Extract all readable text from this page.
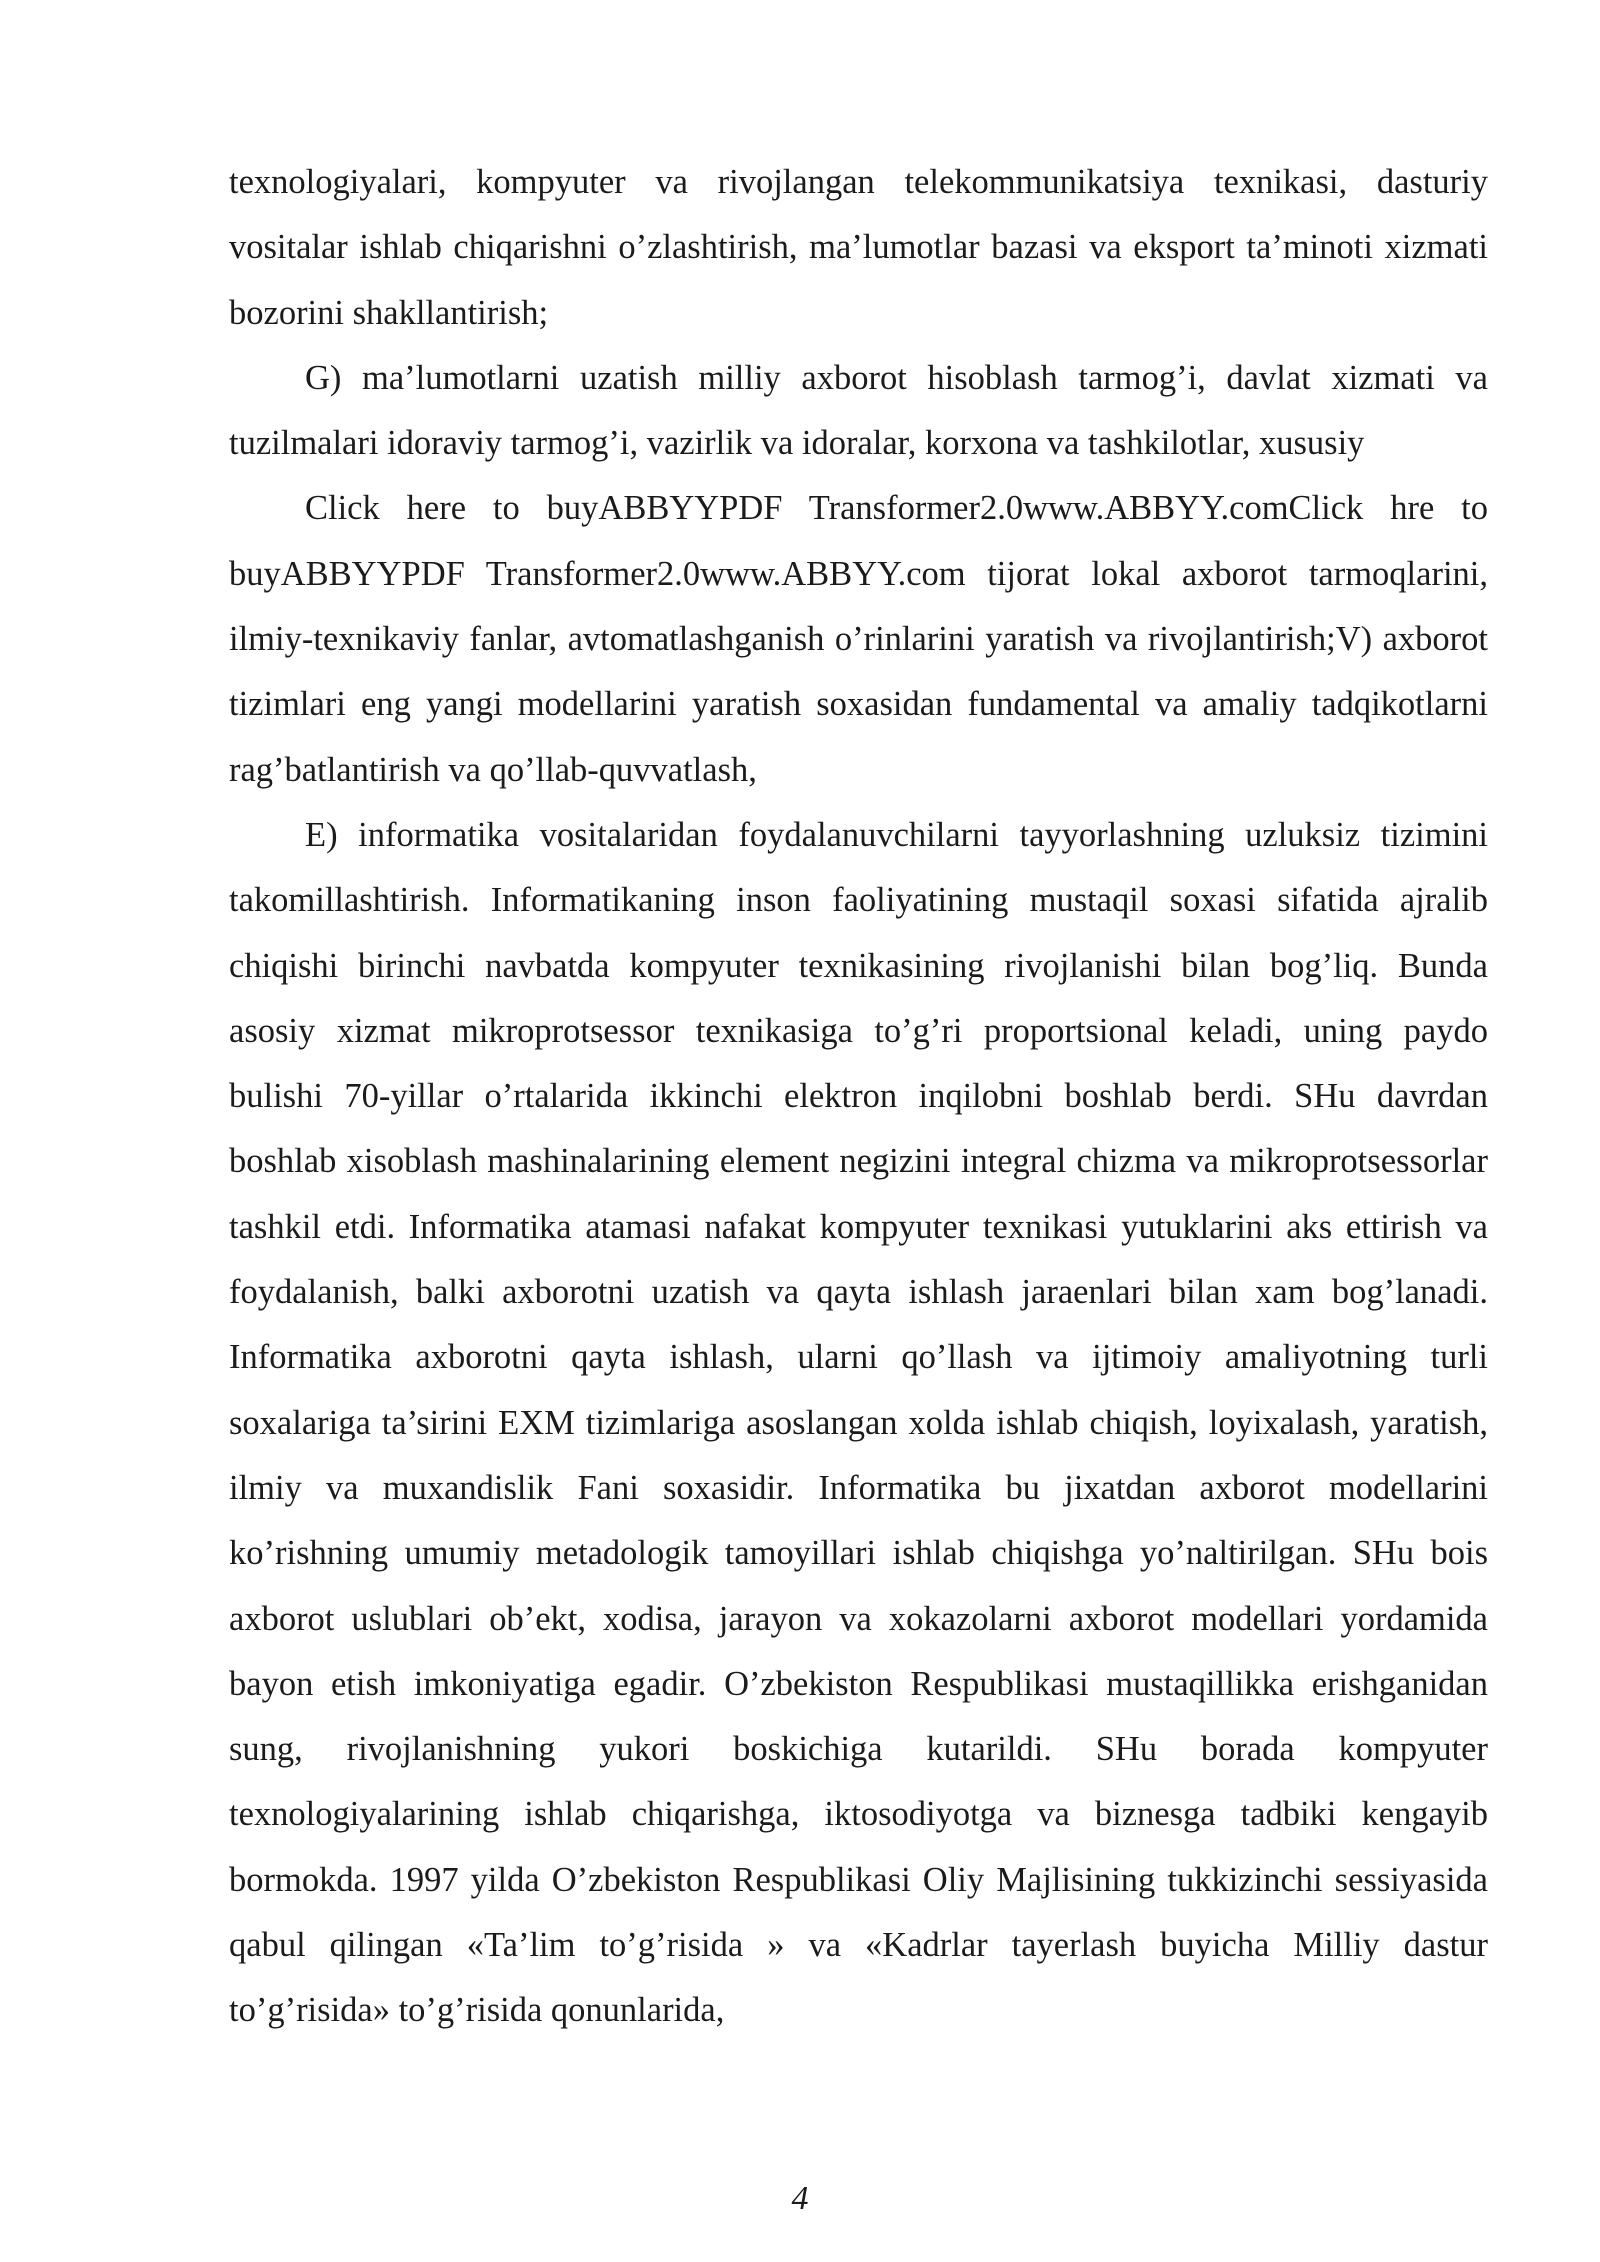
texnologiyalari, kompyuter va rivojlangan telekommunikatsiya texnikasi, dasturiy vositalar ishlab chiqarishni o’zlashtirish, ma’lumotlar bazasi va eksport ta’minoti xizmati bozorini shakllantirish;

G) ma’lumotlarni uzatish milliy axborot hisoblash tarmog’i, davlat xizmati va tuzilmalari idoraviy tarmog’i, vazirlik va idoralar, korxona va tashkilotlar, xususiy

Click here to buyABBYYPDF Transformer2.0www.ABBYY.comClick hre to buyABBYYPDF Transformer2.0www.ABBYY.com tijorat lokal axborot tarmoqlarini, ilmiy-texnikaviy fanlar, avtomatlashganish o’rinlarini yaratish va rivojlantirish;V) axborot tizimlari eng yangi modellarini yaratish soxasidan fundamental va amaliy tadqikotlarni rag’batlantirish va qo’llab-quvvatlash,

E) informatika vositalaridan foydalanuvchilarni tayyorlashning uzluksiz tizimini takomillashtirish. Informatikaning inson faoliyatining mustaqil soxasi sifatida ajralib chiqishi birinchi navbatda kompyuter texnikasining rivojlanishi bilan bog’liq. Bunda asosiy xizmat mikroprotsessor texnikasiga to’g’ri proportsional keladi, uning paydo bulishi 70-yillar o’rtalarida ikkinchi elektron inqilobni boshlab berdi. SHu davrdan boshlab xisoblash mashinalarining element negizini integral chizma va mikroprotsessorlar tashkil etdi. Informatika atamasi nafakat kompyuter texnikasi yutuklarini aks ettirish va foydalanish, balki axborotni uzatish va qayta ishlash jaraenlari bilan xam bog’lanadi. Informatika axborotni qayta ishlash, ularni qo’llash va ijtimoiy amaliyotning turli soxalariga ta’sirini EXM tizimlariga asoslangan xolda ishlab chiqish, loyixalash, yaratish, ilmiy va muxandislik Fani soxasidir. Informatika bu jixatdan axborot modellarini ko’rishning umumiy metadologik tamoyillari ishlab chiqishga yo’naltirilgan. SHu bois axborot uslublari ob’ekt, xodisa, jarayon va xokazolarni axborot modellari yordamida bayon etish imkoniyatiga egadir. O’zbekiston Respublikasi mustaqillikka erishganidan sung, rivojlanishning yukori boskichiga kutarildi. SHu borada kompyuter texnologiyalarining ishlab chiqarishga, iktosodiyotga va biznesga tadbiki kengayib bormokda. 1997 yilda O’zbekiston Respublikasi Oliy Majlisining tukkizinchi sessiyasida qabul qilingan «Ta’lim to’g’risida » va «Kadrlar tayerlash buyicha Milliy dastur to’g’risida» to’g’risida qonunlarida,

4
